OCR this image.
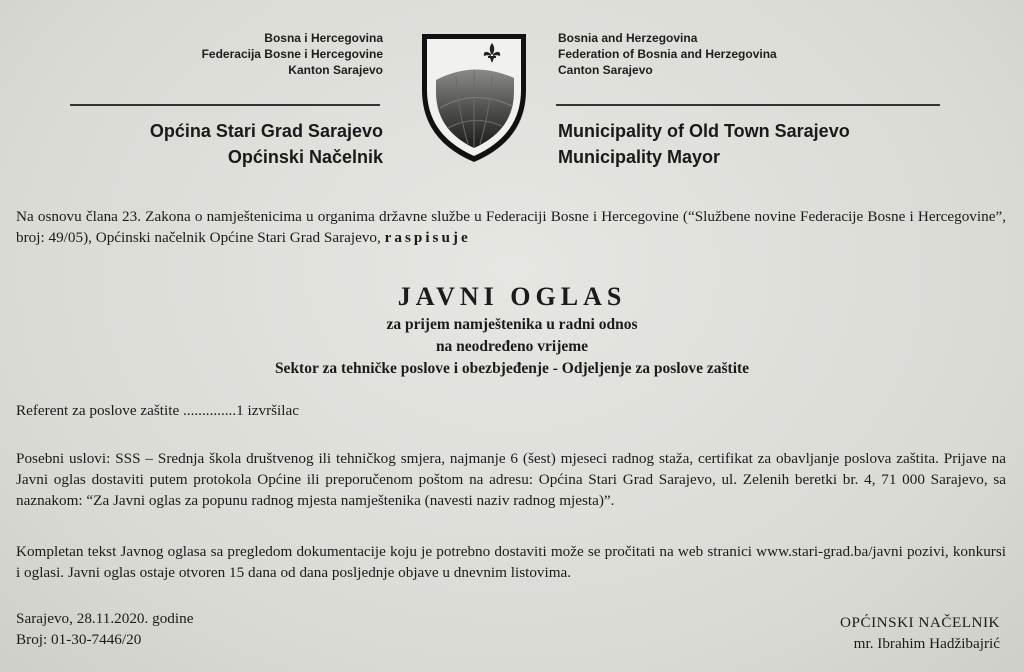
Bosna i Hercegovina
Federacija Bosne i Hercegovine
Kanton Sarajevo
Bosnia and Herzegovina
Federation of Bosnia and Herzegovina
Canton Sarajevo
Općina Stari Grad Sarajevo
Općinski Načelnik
Municipality of Old Town Sarajevo
Municipality Mayor
Na osnovu člana 23. Zakona o namještenicima u organima državne službe u Federaciji Bosne i Hercegovine (“Službene novine Federacije Bosne i Hercegovine”, broj: 49/05), Općinski načelnik Općine Stari Grad Sarajevo, raspisuje
JAVNI OGLAS
za prijem namještenika u radni odnos
na neodređeno vrijeme
Sektor za tehničke poslove i obezbjeđenje - Odjeljenje za poslove zaštite
Referent za poslove zaštite ..............1 izvršilac

Posebni uslovi: SSS – Srednja škola društvenog ili tehničkog smjera, najmanje 6 (šest) mjeseci radnog staža, certifikat za obavljanje poslova zaštita. Prijave na Javni oglas dostaviti putem protokola Općine ili preporučenom poštom na adresu: Općina Stari Grad Sarajevo, ul. Zelenih beretki br. 4, 71 000 Sarajevo, sa naznakom: “Za Javni oglas za popunu radnog mjesta namještenika (navesti naziv radnog mjesta)”.

Kompletan tekst Javnog oglasa sa pregledom dokumentacije koju je potrebno dostaviti može se pročitati na web stranici www.stari-grad.ba/javni pozivi, konkursi i oglasi. Javni oglas ostaje otvoren 15 dana od dana posljednje objave u dnevnim listovima.
Sarajevo, 28.11.2020. godine
Broj: 01-30-7446/20
OPĆINSKI NAČELNIK
mr. Ibrahim Hadžibajrić
